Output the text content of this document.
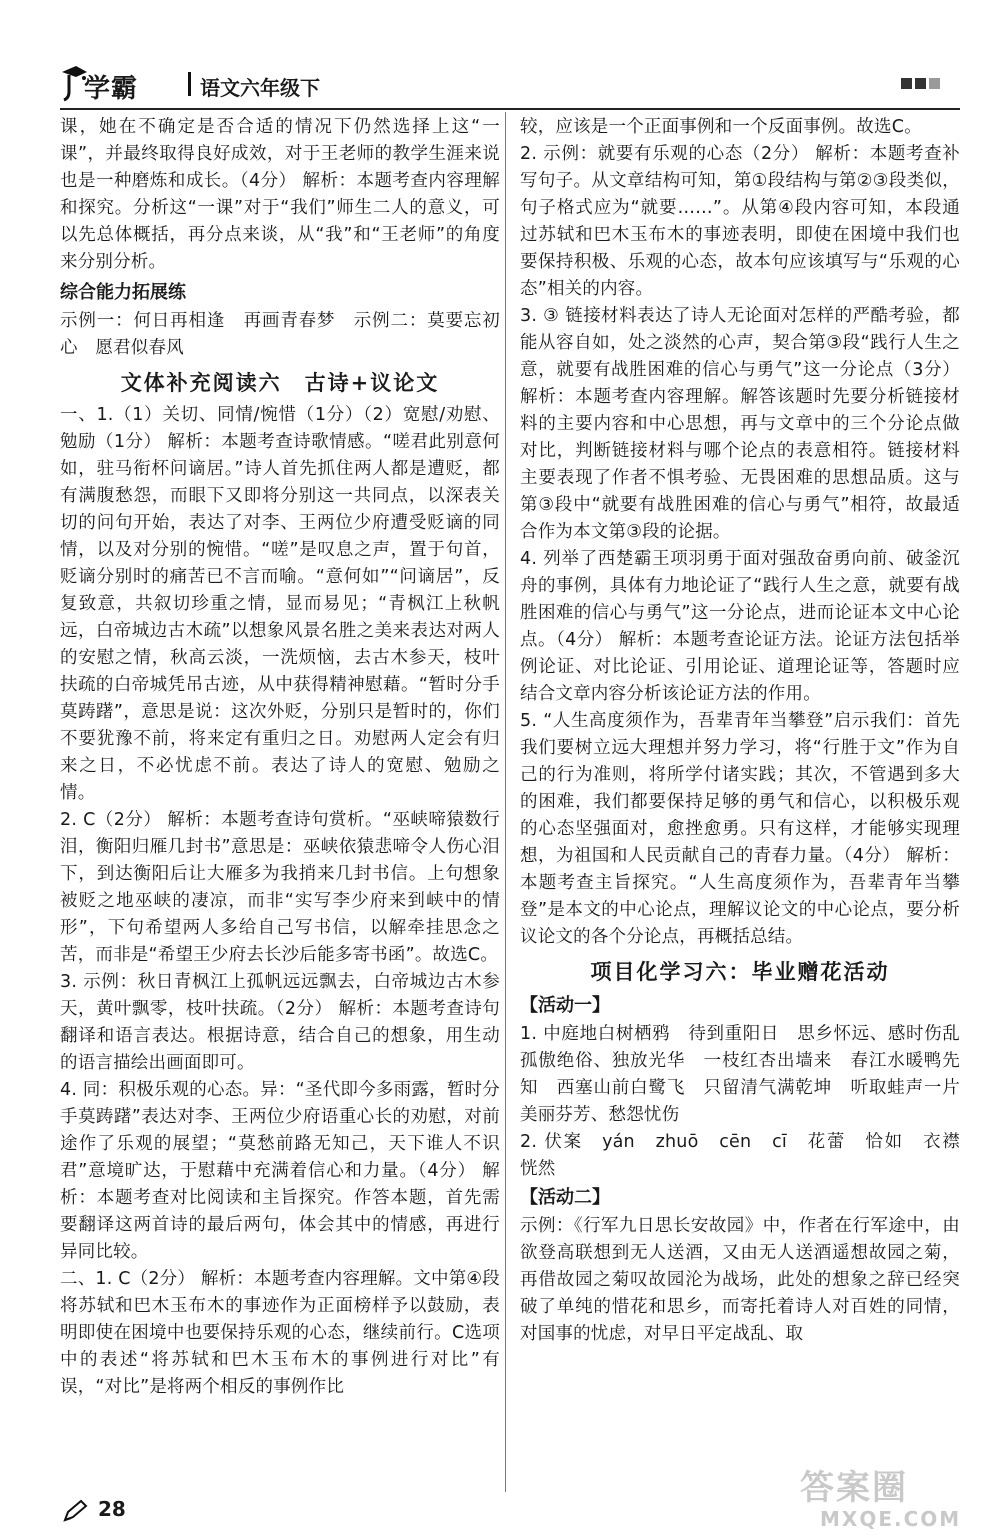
学霸	语文六年级下
课，她在不确定是否合适的情况下仍然选择上这“一课”，并最终取得良好成效，对于王老师的教学生涯来说也是一种磨炼和成长。（4分） 解析：本题考查内容理解和探究。分析这“一课”对于“我们”师生二人的意义，可以先总体概括，再分点来谈，从“我”和“王老师”的角度来分别分析。
综合能力拓展练
示例一：何日再相逢　再画青春梦　示例二：莫要忘初心　愿君似春风
文体补充阅读六　古诗+议论文
一、1.（1）关切、同情/惋惜（1分）（2）宽慰/劝慰、勉励（1分） 解析：本题考查诗歌情感。“嗟君此别意何如，驻马衔杯问谪居。”诗人首先抓住两人都是遭贬，都有满腹愁怨，而眼下又即将分别这一共同点，以深表关切的问句开始，表达了对李、王两位少府遭受贬谪的同情，以及对分别的惋惜。“嗟”是叹息之声，置于句首，贬谪分别时的痛苦已不言而喻。“意何如”“问谪居”，反复致意，共叙切珍重之情，显而易见；“青枫江上秋帆远，白帝城边古木疏”以想象风景名胜之美来表达对两人的安慰之情，秋高云淡，一洗烦恼，去古木参天，枝叶扶疏的白帝城凭吊古迹，从中获得精神慰藉。“暂时分手莫踌躇”，意思是说：这次外贬，分别只是暂时的，你们不要犹豫不前，将来定有重归之日。劝慰两人定会有归来之日，不必忧虑不前。表达了诗人的宽慰、勉励之情。
2. C（2分） 解析：本题考查诗句赏析。“巫峡啼猿数行泪，衡阳归雁几封书”意思是：巫峡依猿悲啼令人伤心泪下，到达衡阳后让大雁多为我捎来几封书信。上句想象被贬之地巫峡的凄凉，而非“实写李少府来到峡中的情形”，下句希望两人多给自己写书信，以解牵挂思念之苦，而非是“希望王少府去长沙后能多寄书函”。故选C。
3. 示例：秋日青枫江上孤帆远远飘去，白帝城边古木参天，黄叶飘零，枝叶扶疏。（2分） 解析：本题考查诗句翻译和语言表达。根据诗意，结合自己的想象，用生动的语言描绘出画面即可。
4. 同：积极乐观的心态。异：“圣代即今多雨露，暂时分手莫踌躇”表达对李、王两位少府语重心长的劝慰，对前途作了乐观的展望；“莫愁前路无知己，天下谁人不识君”意境旷达，于慰藉中充满着信心和力量。（4分） 解析：本题考查对比阅读和主旨探究。作答本题，首先需要翻译这两首诗的最后两句，体会其中的情感，再进行异同比较。
二、1. C（2分） 解析：本题考查内容理解。文中第④段将苏轼和巴木玉布木的事迹作为正面榜样予以鼓励，表明即使在困境中也要保持乐观的心态，继续前行。C选项中的表述“将苏轼和巴木玉布木的事例进行对比”有误，“对比”是将两个相反的事例作比
较，应该是一个正面事例和一个反面事例。故选C。
2. 示例：就要有乐观的心态（2分） 解析：本题考查补写句子。从文章结构可知，第①段结构与第②③段类似，句子格式应为“就要……”。从第④段内容可知，本段通过苏轼和巴木玉布木的事迹表明，即使在困境中我们也要保持积极、乐观的心态，故本句应该填写与“乐观的心态”相关的内容。
3. ③ 链接材料表达了诗人无论面对怎样的严酷考验，都能从容自如，处之淡然的心声，契合第③段“践行人生之意，就要有战胜困难的信心与勇气”这一分论点（3分） 解析：本题考查内容理解。解答该题时先要分析链接材料的主要内容和中心思想，再与文章中的三个分论点做对比，判断链接材料与哪个论点的表意相符。链接材料主要表现了作者不惧考验、无畏困难的思想品质。这与第③段中“就要有战胜困难的信心与勇气”相符，故最适合作为本文第③段的论据。
4. 列举了西楚霸王项羽勇于面对强敌奋勇向前、破釜沉舟的事例，具体有力地论证了“践行人生之意，就要有战胜困难的信心与勇气”这一分论点，进而论证本文中心论点。（4分） 解析：本题考查论证方法。论证方法包括举例论证、对比论证、引用论证、道理论证等，答题时应结合文章内容分析该论证方法的作用。
5. “人生高度须作为，吾辈青年当攀登”启示我们：首先我们要树立远大理想并努力学习，将“行胜于文”作为自己的行为准则，将所学付诸实践；其次，不管遇到多大的困难，我们都要保持足够的勇气和信心，以积极乐观的心态坚强面对，愈挫愈勇。只有这样，才能够实现理想，为祖国和人民贡献自己的青春力量。（4分） 解析：本题考查主旨探究。“人生高度须作为，吾辈青年当攀登”是本文的中心论点，理解议论文的中心论点，要分析议论文的各个分论点，再概括总结。
项目化学习六：毕业赠花活动
【活动一】
1. 中庭地白树栖鸦　待到重阳日　思乡怀远、感时伤乱　孤傲绝俗、独放光华　一枝红杏出墙来　春江水暖鸭先知　西塞山前白鹭飞　只留清气满乾坤　听取蛙声一片　美丽芬芳、愁怨忧伤
2. 伏案　yán　zhuō　cēn　cī　花蕾　恰如　衣襟　恍然
【活动二】
示例：《行军九日思长安故园》中，作者在行军途中，由欲登高联想到无人送酒，又由无人送酒遥想故园之菊，再借故园之菊叹故园沦为战场，此处的想象之辞已经突破了单纯的惜花和思乡，而寄托着诗人对百姓的同情，对国事的忧虑，对早日平定战乱、取
28
答案圈
MXQE.COM
